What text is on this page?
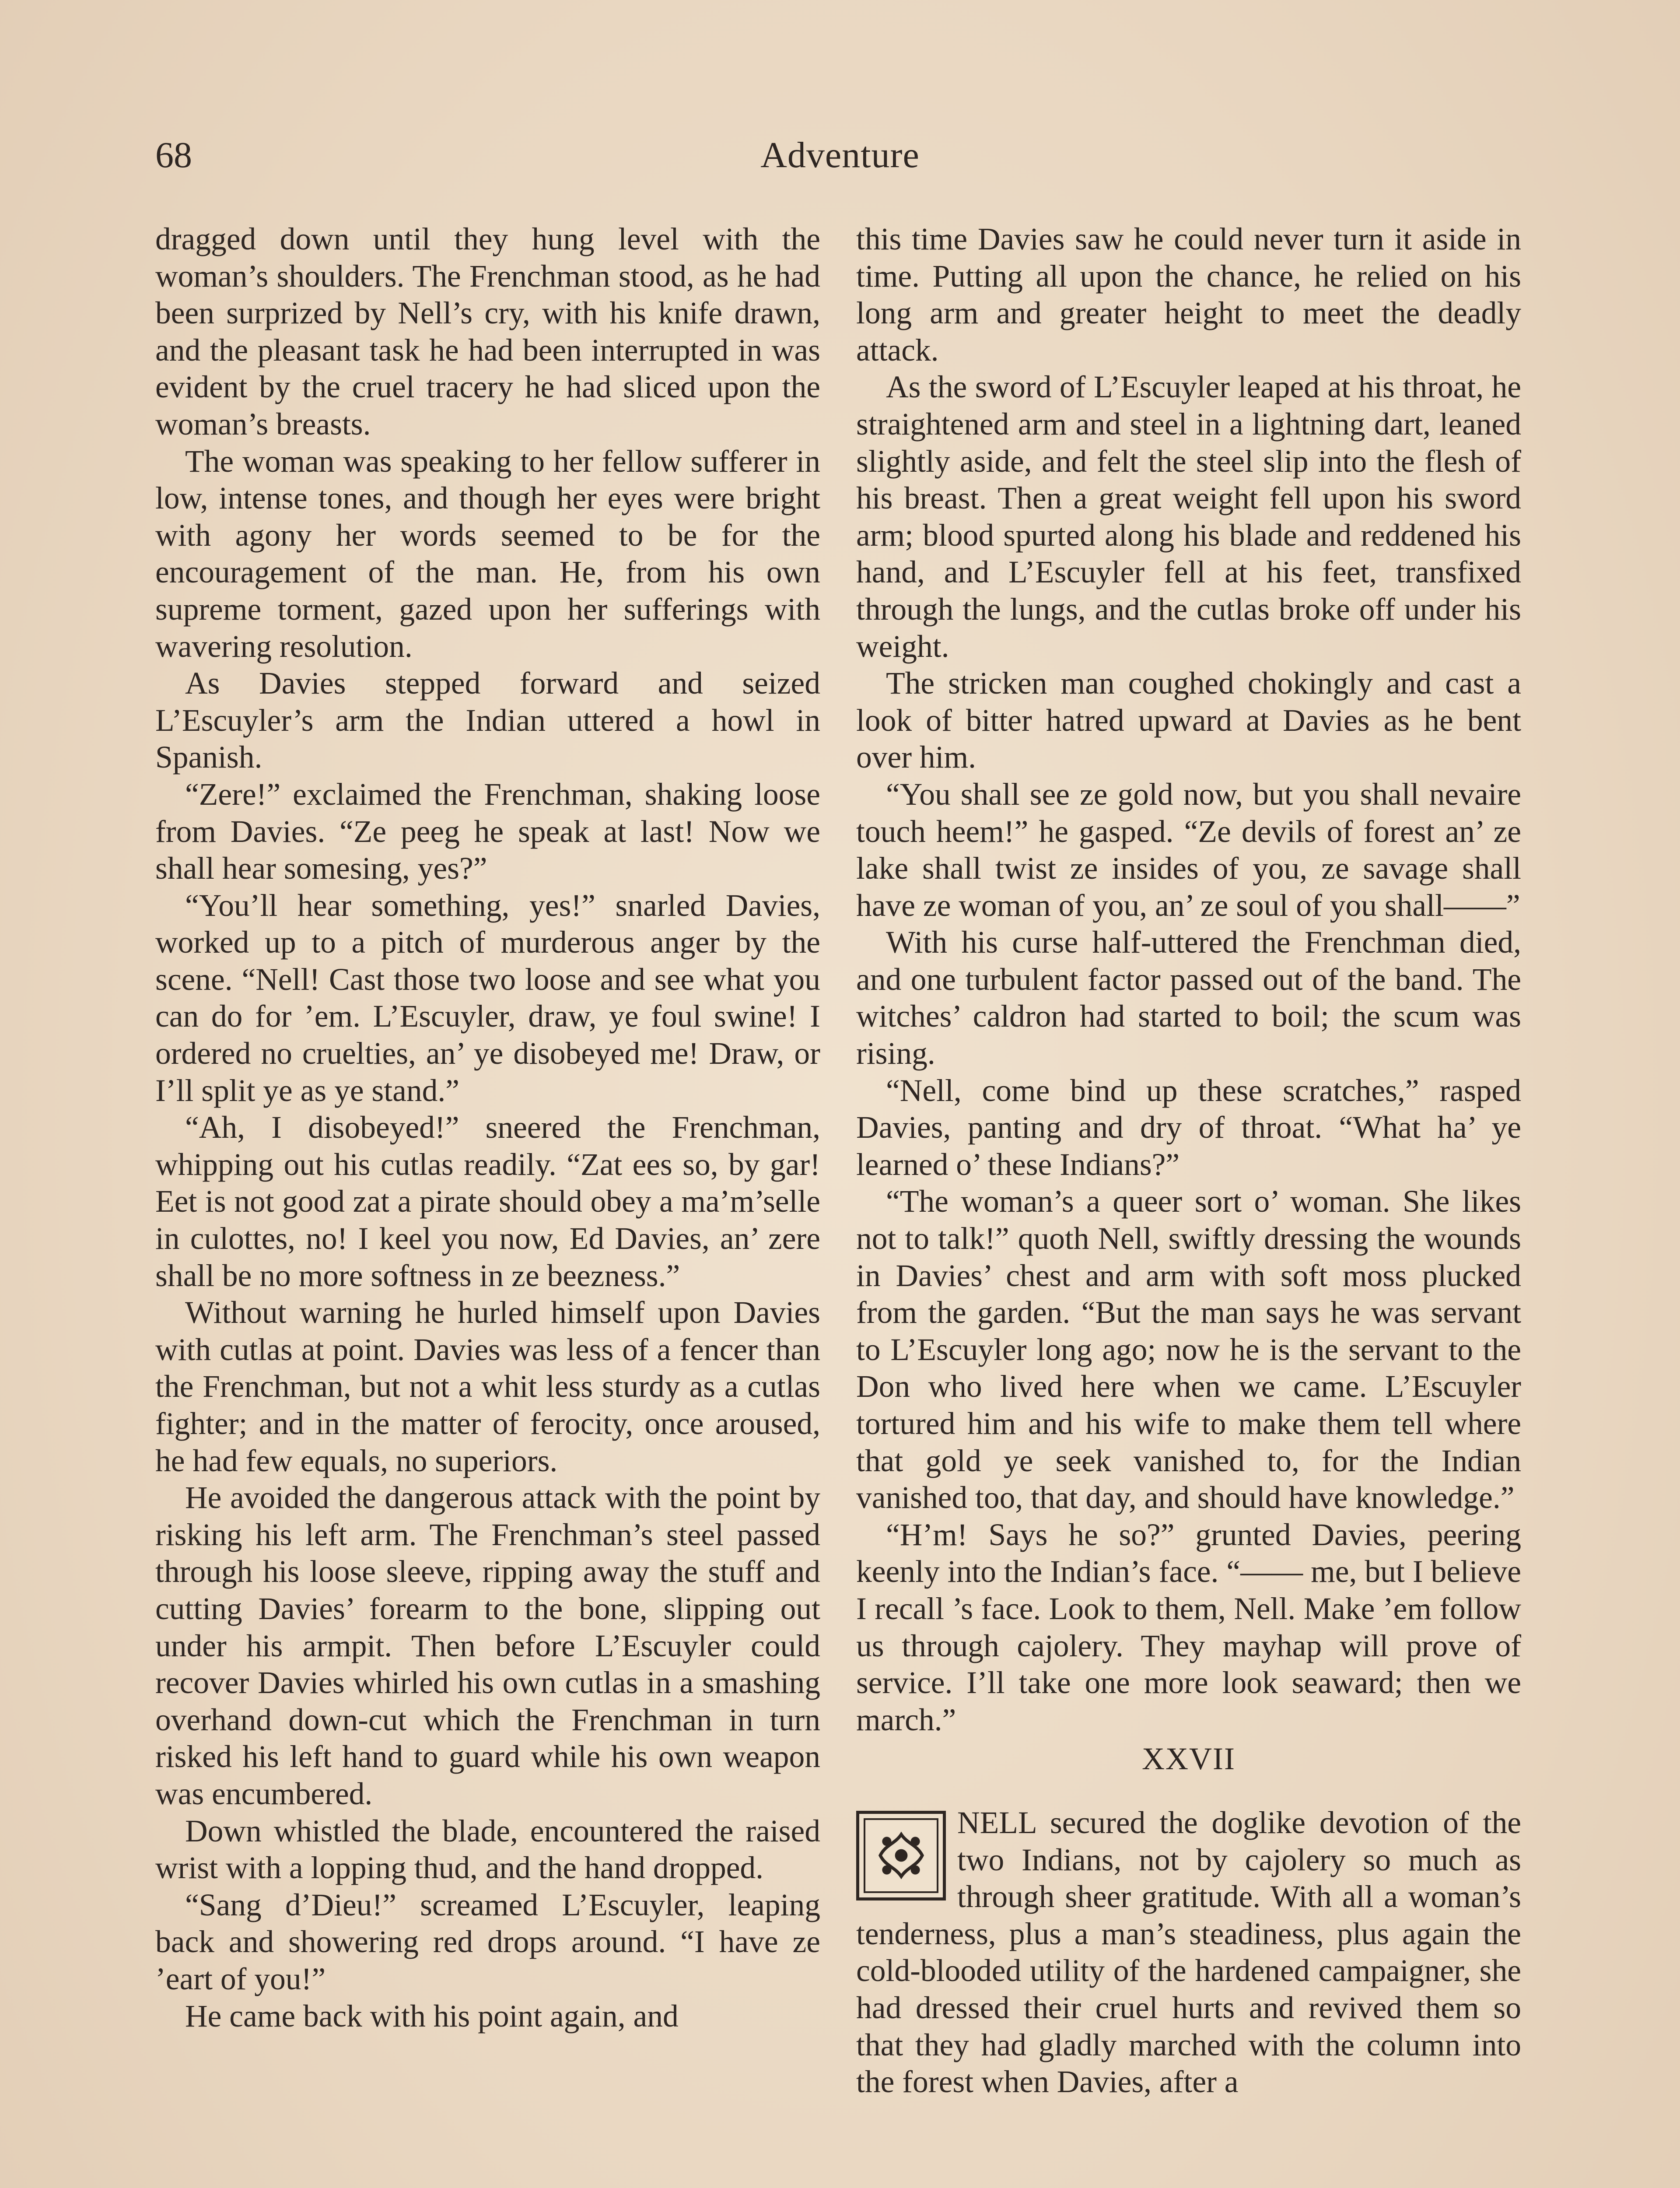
68	Adventure

dragged down until they hung level with the woman’s shoulders. The Frenchman stood, as he had been surprized by Nell’s cry, with his knife drawn, and the pleasant task he had been interrupted in was evident by the cruel tracery he had sliced upon the woman’s breasts.

The woman was speaking to her fellow sufferer in low, intense tones, and though her eyes were bright with agony her words seemed to be for the encouragement of the man. He, from his own supreme torment, gazed upon her sufferings with wavering resolution.

As Davies stepped forward and seized L’Escuyler’s arm the Indian uttered a howl in Spanish.

“Zere!” exclaimed the Frenchman, shaking loose from Davies. “Ze peeg he speak at last! Now we shall hear somesing, yes?”

“You’ll hear something, yes!” snarled Davies, worked up to a pitch of murderous anger by the scene. “Nell! Cast those two loose and see what you can do for ’em. L’Escuyler, draw, ye foul swine! I ordered no cruelties, an’ ye disobeyed me! Draw, or I’ll split ye as ye stand.”

“Ah, I disobeyed!” sneered the Frenchman, whipping out his cutlas readily. “Zat ees so, by gar! Eet is not good zat a pirate should obey a ma’m’selle in culottes, no! I keel you now, Ed Davies, an’ zere shall be no more softness in ze beezness.”

Without warning he hurled himself upon Davies with cutlas at point. Davies was less of a fencer than the Frenchman, but not a whit less sturdy as a cutlas fighter; and in the matter of ferocity, once aroused, he had few equals, no superiors.

He avoided the dangerous attack with the point by risking his left arm. The Frenchman’s steel passed through his loose sleeve, ripping away the stuff and cutting Davies’ forearm to the bone, slipping out under his armpit. Then before L’Escuyler could recover Davies whirled his own cutlas in a smashing overhand down-cut which the Frenchman in turn risked his left hand to guard while his own weapon was encumbered.

Down whistled the blade, encountered the raised wrist with a lopping thud, and the hand dropped.

“Sang d’Dieu!” screamed L’Escuyler, leaping back and showering red drops around. “I have ze ’eart of you!”

He came back with his point again, and

this time Davies saw he could never turn it aside in time. Putting all upon the chance, he relied on his long arm and greater height to meet the deadly attack.

As the sword of L’Escuyler leaped at his throat, he straightened arm and steel in a lightning dart, leaned slightly aside, and felt the steel slip into the flesh of his breast. Then a great weight fell upon his sword arm; blood spurted along his blade and reddened his hand, and L’Escuyler fell at his feet, transfixed through the lungs, and the cutlas broke off under his weight.

The stricken man coughed chokingly and cast a look of bitter hatred upward at Davies as he bent over him.

“You shall see ze gold now, but you shall nevaire touch heem!” he gasped. “Ze devils of forest an’ ze lake shall twist ze insides of you, ze savage shall have ze woman of you, an’ ze soul of you shall——”

With his curse half-uttered the Frenchman died, and one turbulent factor passed out of the band. The witches’ caldron had started to boil; the scum was rising.

“Nell, come bind up these scratches,” rasped Davies, panting and dry of throat. “What ha’ ye learned o’ these Indians?”

“The woman’s a queer sort o’ woman. She likes not to talk!” quoth Nell, swiftly dressing the wounds in Davies’ chest and arm with soft moss plucked from the garden. “But the man says he was servant to L’Escuyler long ago; now he is the servant to the Don who lived here when we came. L’Escuyler tortured him and his wife to make them tell where that gold ye seek vanished to, for the Indian vanished too, that day, and should have knowledge.”

“H’m! Says he so?” grunted Davies, peering keenly into the Indian’s face. “—— me, but I believe I recall ’s face. Look to them, Nell. Make ’em follow us through cajolery. They mayhap will prove of service. I’ll take one more look seaward; then we march.”

XXVII

NELL secured the doglike devotion of the two Indians, not by cajolery so much as through sheer gratitude. With all a woman’s tenderness, plus a man’s steadiness, plus again the cold-blooded utility of the hardened campaigner, she had dressed their cruel hurts and revived them so that they had gladly marched with the column into the forest when Davies, after a
